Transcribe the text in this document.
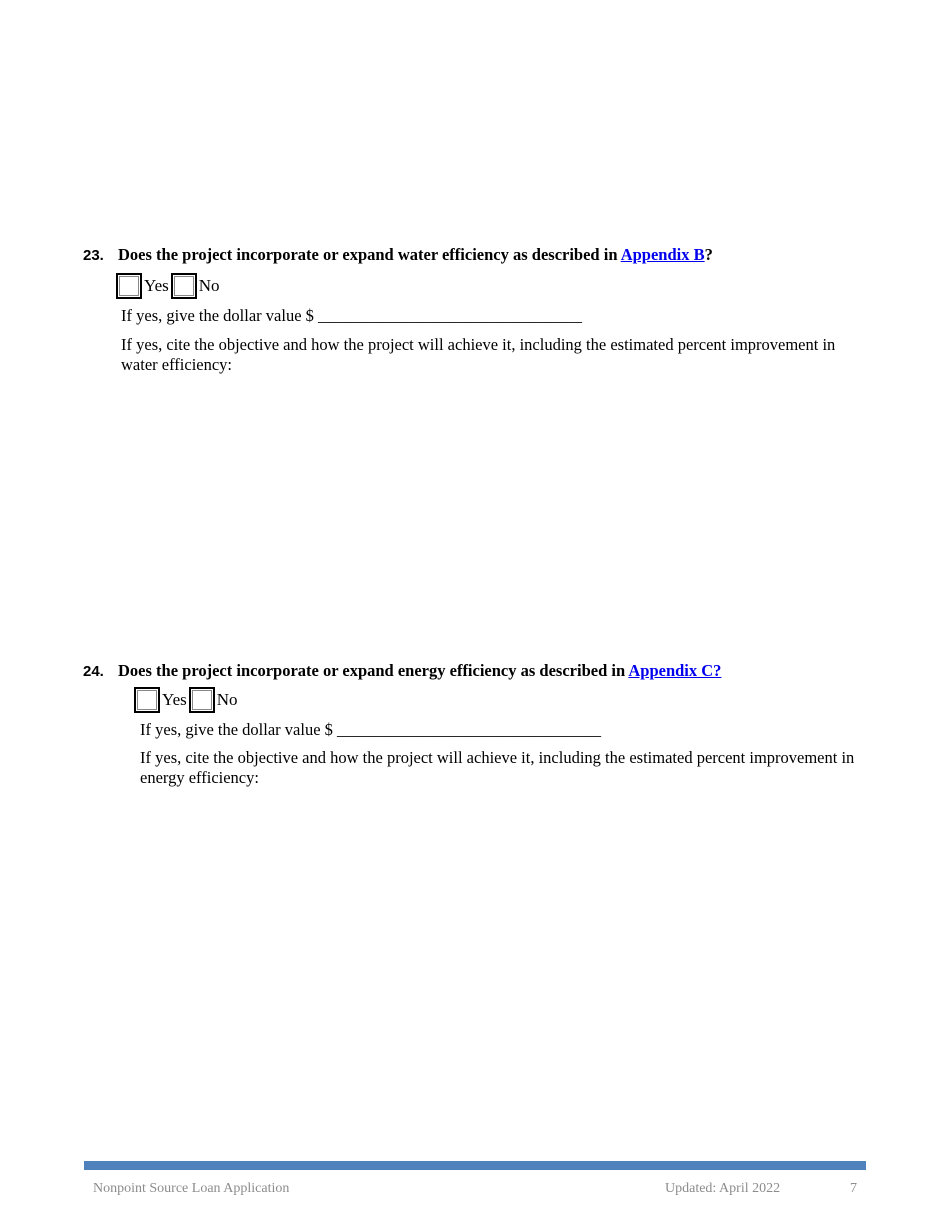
23. Does the project incorporate or expand water efficiency as described in Appendix B?
Yes No
If yes, give the dollar value $ ________________________________
If yes, cite the objective and how the project will achieve it, including the estimated percent improvement in water efficiency:
24. Does the project incorporate or expand energy efficiency as described in Appendix C?
Yes No
If yes, give the dollar value $ ________________________________
If yes, cite the objective and how the project will achieve it, including the estimated percent improvement in energy efficiency:
Nonpoint Source Loan Application	Updated: April 2022	7
